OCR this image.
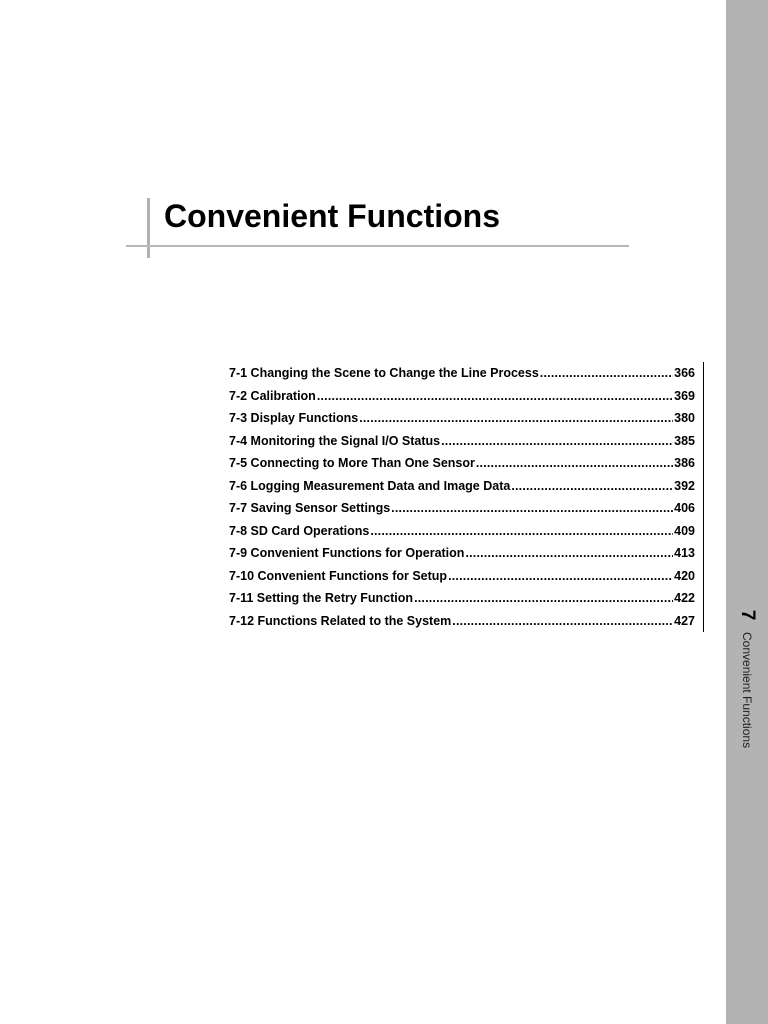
7
Convenient Functions
Convenient Functions
7-1 Changing the Scene to Change the Line Process .....	366
7-2 Calibration .....	369
7-3 Display Functions .....	380
7-4 Monitoring the Signal I/O Status .....	385
7-5 Connecting to More Than One Sensor .....	386
7-6 Logging Measurement Data and Image Data .....	392
7-7 Saving Sensor Settings .....	406
7-8 SD Card Operations .....	409
7-9 Convenient Functions for Operation .....	413
7-10 Convenient Functions for Setup .....	420
7-11 Setting the Retry Function .....	422
7-12 Functions Related to the System .....	427
